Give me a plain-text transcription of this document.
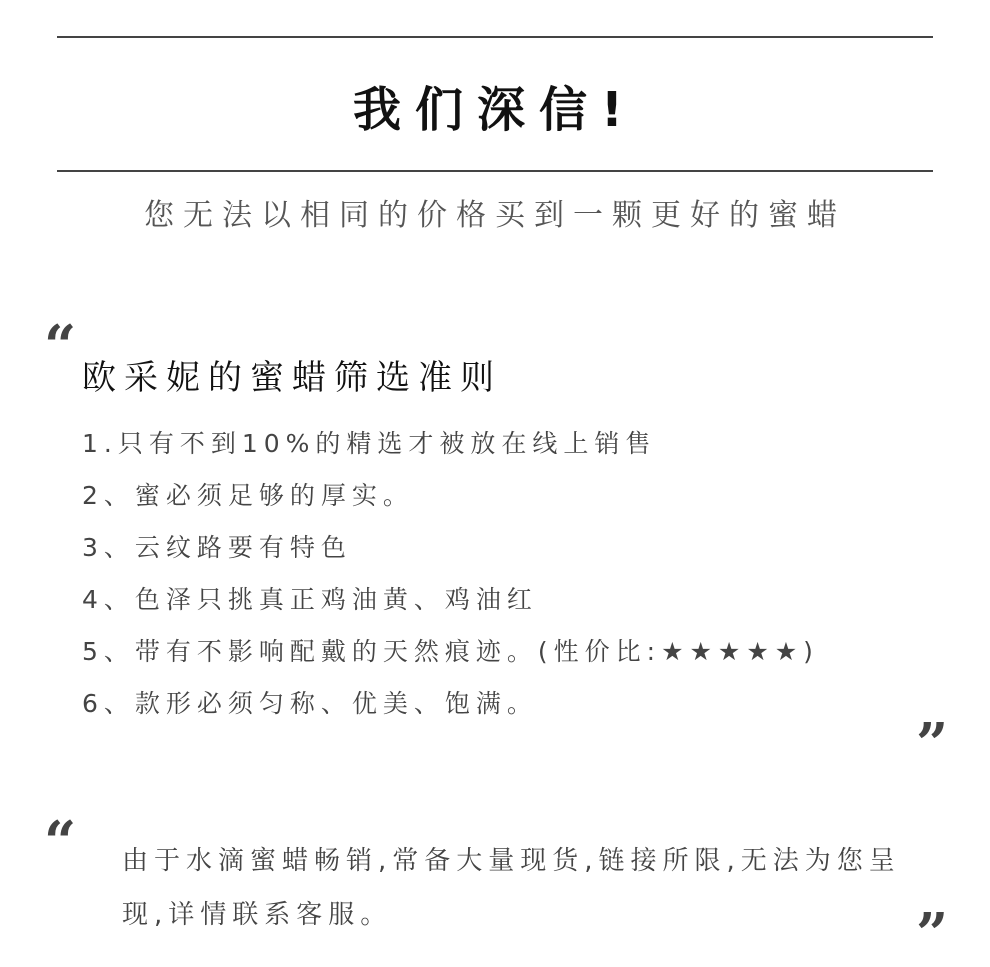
我们深信!
您无法以相同的价格买到一颗更好的蜜蜡
“ 欧采妮的蜜蜡筛选准则
1.只有不到10%的精选才被放在线上销售
2、蜜必须足够的厚实。
3、云纹路要有特色
4、色泽只挑真正鸡油黄、鸡油红
5、带有不影响配戴的天然痕迹。(性价比:★★★★★)
6、款形必须匀称、优美、饱满。
”
“ 由于水滴蜜蜡畅销,常备大量现货,链接所限,无法为您呈现,详情联系客服。	”
